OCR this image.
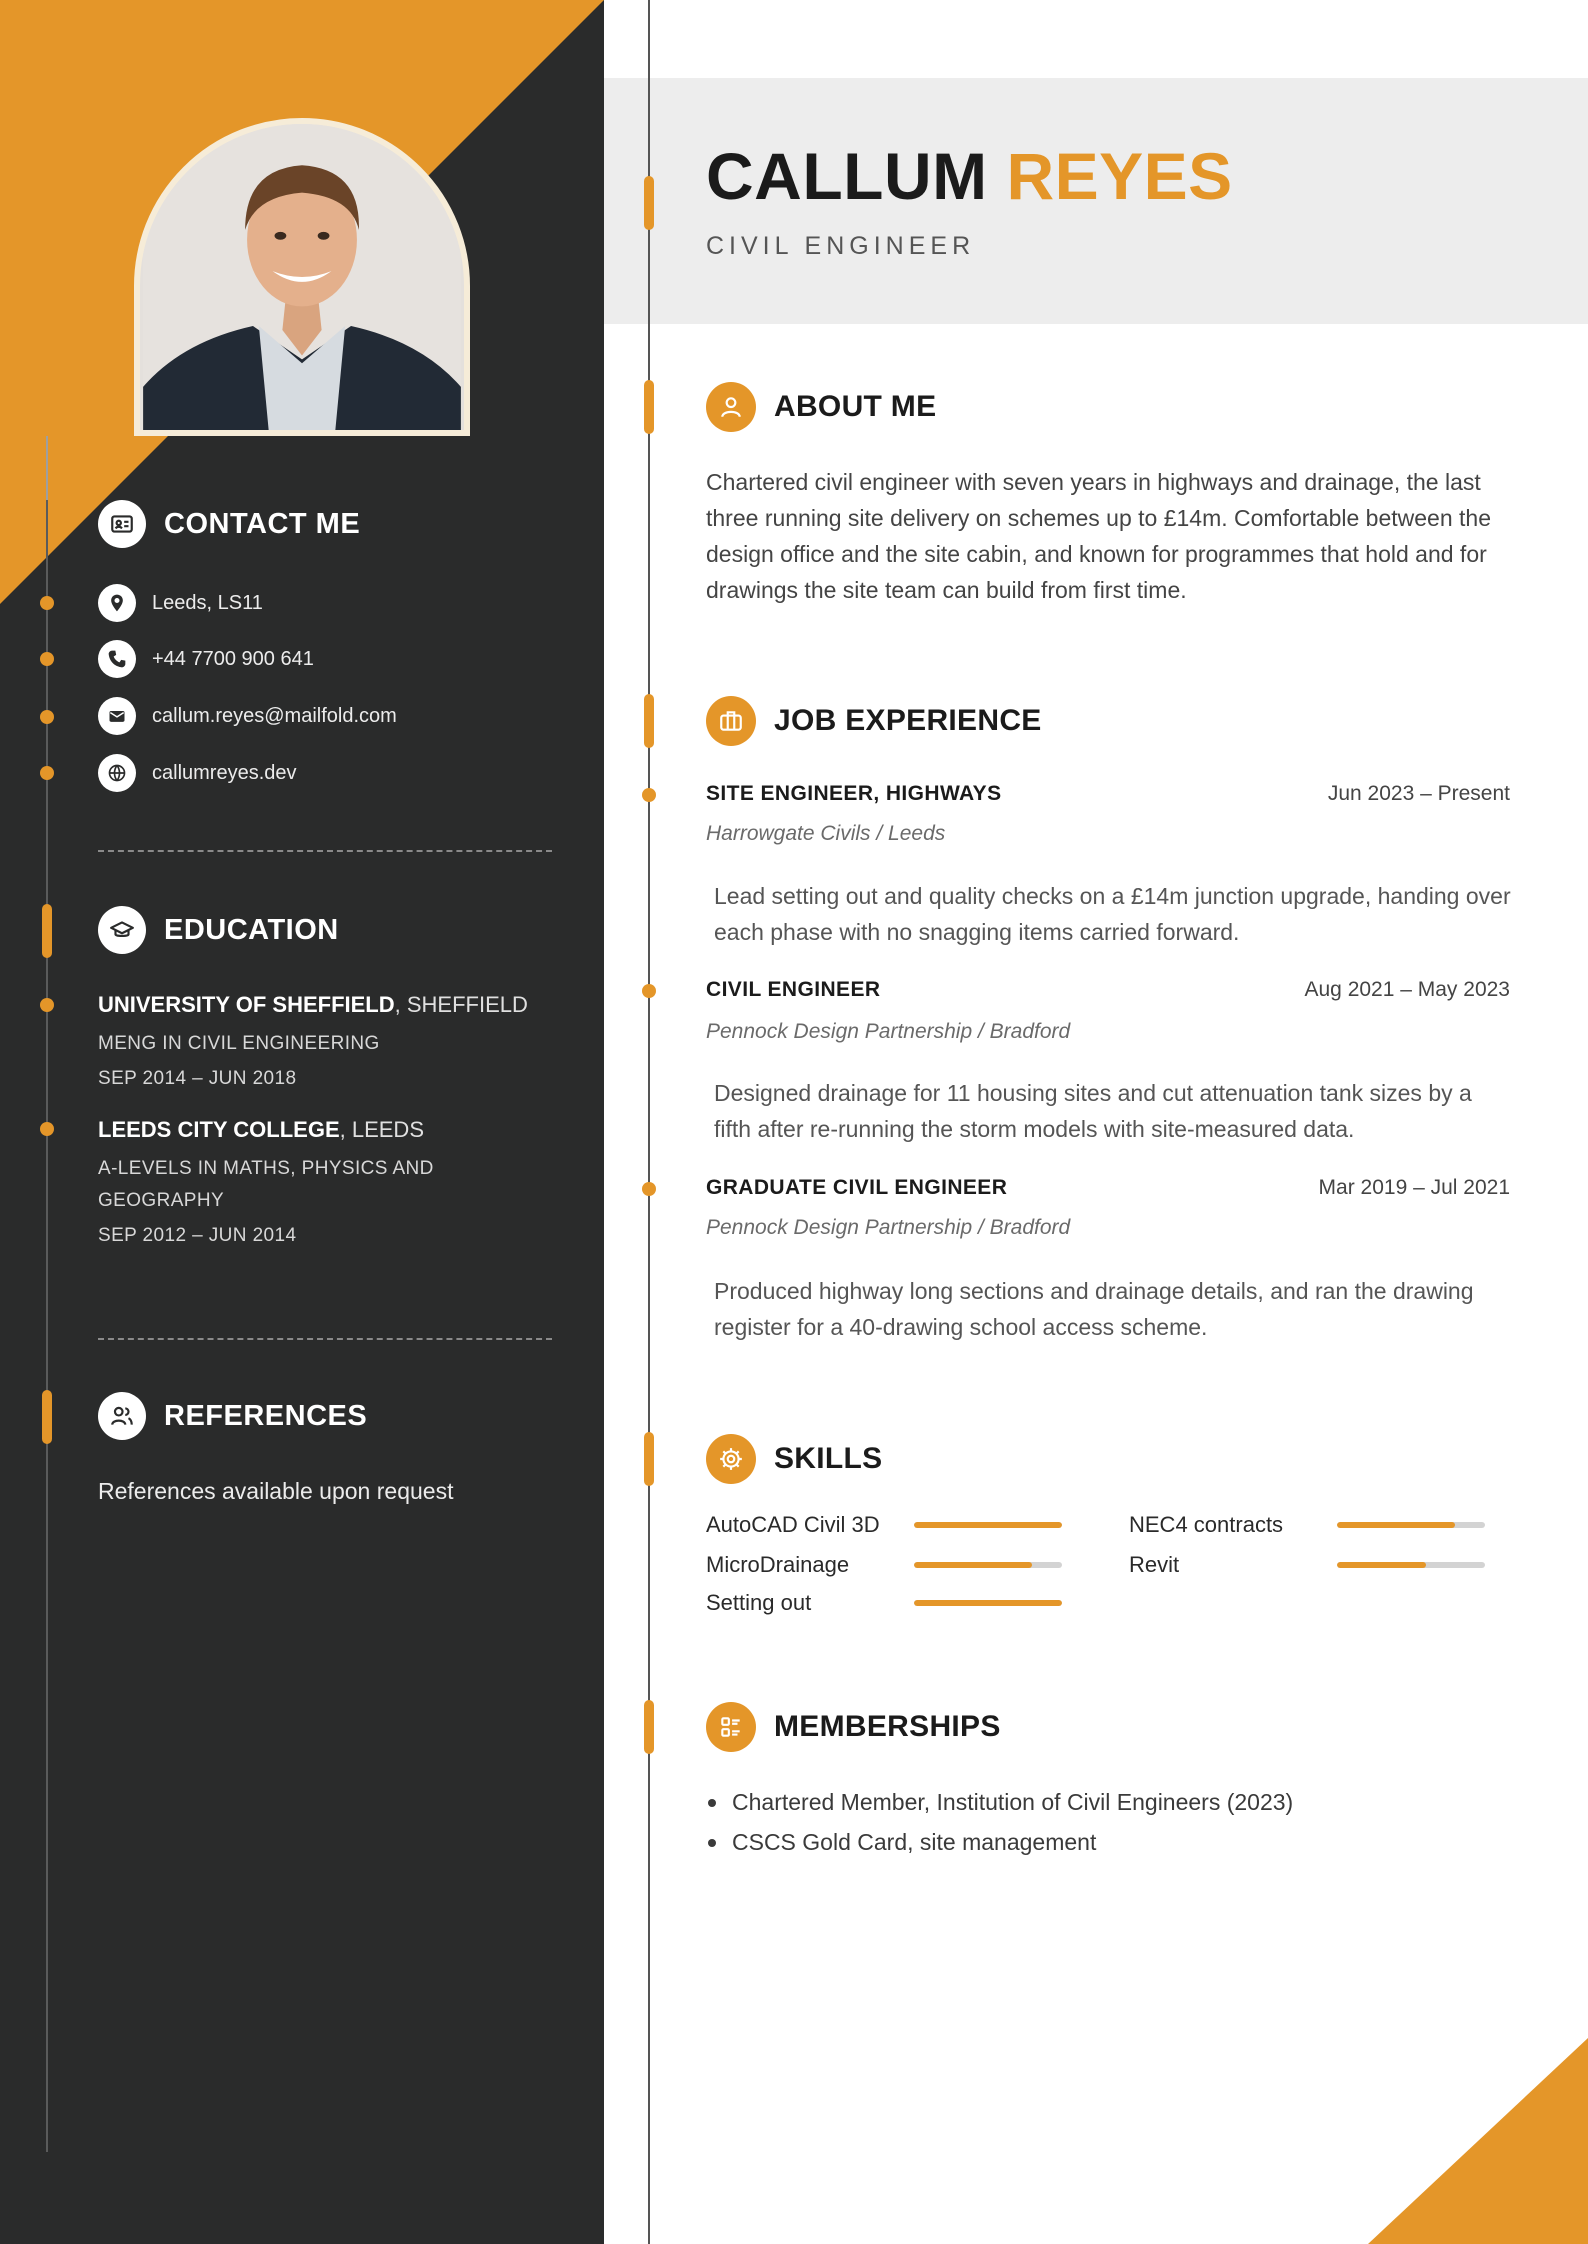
CONTACT ME
Leeds, LS11
+44 7700 900 641
callum.reyes@mailfold.com
callumreyes.dev
EDUCATION
UNIVERSITY OF SHEFFIELD, SHEFFIELD
MENG IN CIVIL ENGINEERING
SEP 2014 – JUN 2018
LEEDS CITY COLLEGE, LEEDS
A-LEVELS IN MATHS, PHYSICS AND GEOGRAPHY
SEP 2012 – JUN 2014
REFERENCES
References available upon request
CALLUM REYES
CIVIL ENGINEER
ABOUT ME
Chartered civil engineer with seven years in highways and drainage, the last three running site delivery on schemes up to £14m. Comfortable between the design office and the site cabin, and known for programmes that hold and for drawings the site team can build from first time.
JOB EXPERIENCE
SITE ENGINEER, HIGHWAYS	Jun 2023 – Present
Harrowgate Civils / Leeds
Lead setting out and quality checks on a £14m junction upgrade, handing over each phase with no snagging items carried forward.
CIVIL ENGINEER	Aug 2021 – May 2023
Pennock Design Partnership / Bradford
Designed drainage for 11 housing sites and cut attenuation tank sizes by a fifth after re-running the storm models with site-measured data.
GRADUATE CIVIL ENGINEER	Mar 2019 – Jul 2021
Pennock Design Partnership / Bradford
Produced highway long sections and drainage details, and ran the drawing register for a 40-drawing school access scheme.
SKILLS
AutoCAD Civil 3D	NEC4 contracts
MicroDrainage	Revit
Setting out
MEMBERSHIPS
Chartered Member, Institution of Civil Engineers (2023)
CSCS Gold Card, site management
